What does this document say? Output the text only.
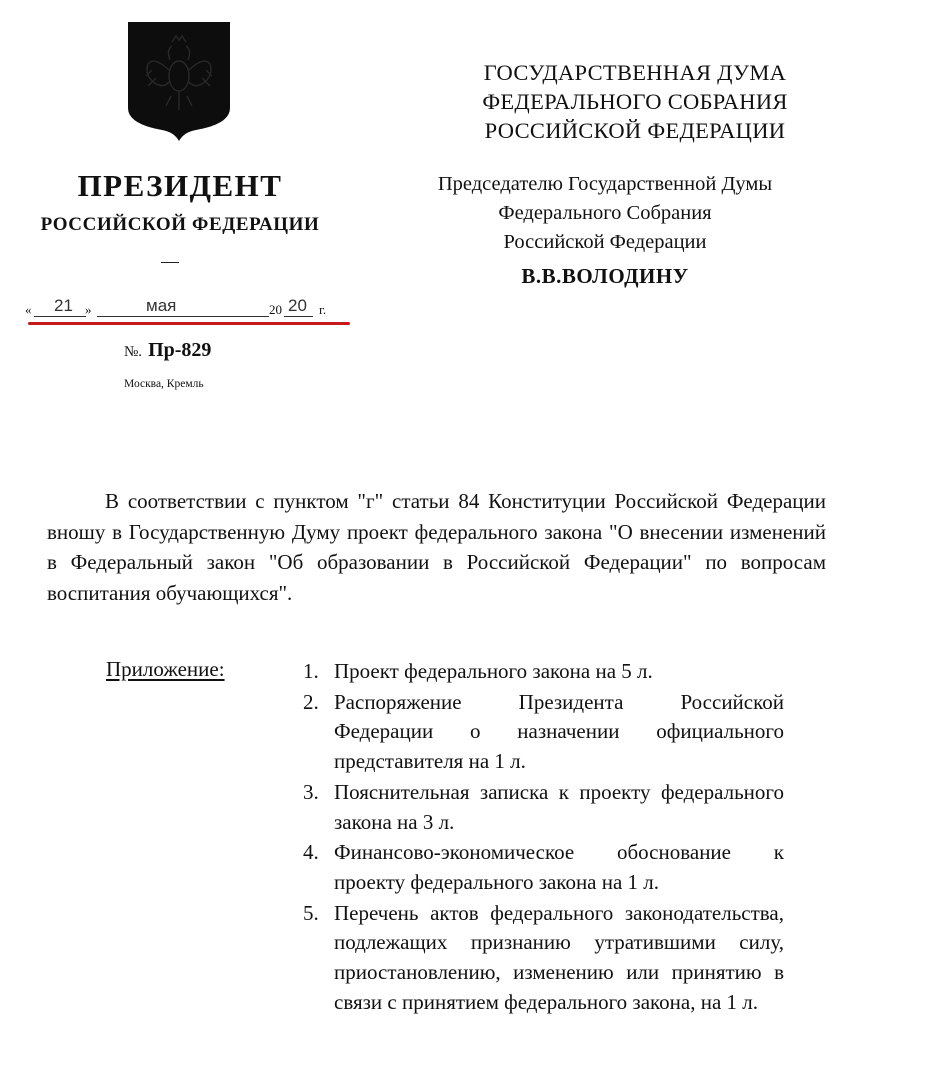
ПРЕЗИДЕНТ
РОССИЙСКОЙ ФЕДЕРАЦИИ
« 21 »	мая	20 20 г.
№. Пр-829
Москва, Кремль
ГОСУДАРСТВЕННАЯ ДУМА
ФЕДЕРАЛЬНОГО СОБРАНИЯ
РОССИЙСКОЙ ФЕДЕРАЦИИ
Председателю Государственной Думы
Федерального Собрания
Российской Федерации
В.В.ВОЛОДИНУ

В соответствии с пунктом "г" статьи 84 Конституции Российской Федерации вношу в Государственную Думу проект федерального закона "О внесении изменений в Федеральный закон "Об образовании в Российской Федерации" по вопросам воспитания обучающихся".

Приложение:	1. Проект федерального закона на 5 л.
2. Распоряжение Президента Российской Федерации о назначении официального представителя на 1 л.
3. Пояснительная записка к проекту федерального закона на 3 л.
4. Финансово-экономическое обоснование к проекту федерального закона на 1 л.
5. Перечень актов федерального законодательства, подлежащих признанию утратившими силу, приостановлению, изменению или принятию в связи с принятием федерального закона, на 1 л.
